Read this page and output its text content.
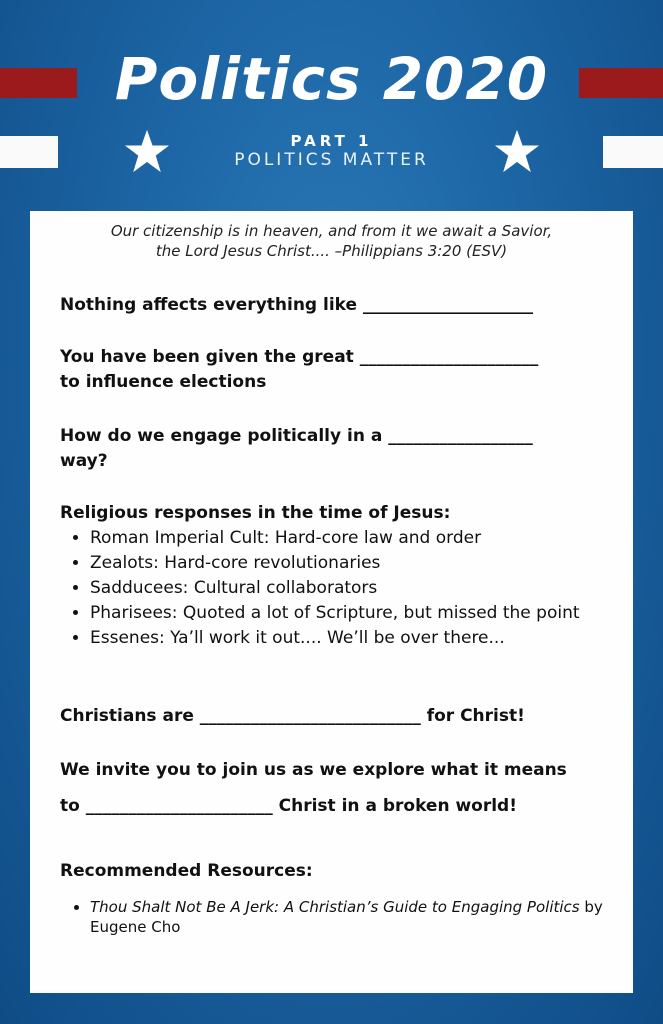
Politics 2020
PART 1
POLITICS MATTER
Our citizenship is in heaven, and from it we await a Savior,
the Lord Jesus Christ.... –Philippians 3:20 (ESV)
Nothing affects everything like ____________________
You have been given the great _____________________
to influence elections
How do we engage politically in a _________________
way?
Religious responses in the time of Jesus:
• Roman Imperial Cult: Hard-core law and order
• Zealots: Hard-core revolutionaries
• Sadducees: Cultural collaborators
• Pharisees: Quoted a lot of Scripture, but missed the point
• Essenes: Ya’ll work it out.... We’ll be over there...
Christians are __________________________ for Christ!
We invite you to join us as we explore what it means
to ______________________ Christ in a broken world!
Recommended Resources:
• Thou Shalt Not Be A Jerk: A Christian’s Guide to Engaging Politics by Eugene Cho
